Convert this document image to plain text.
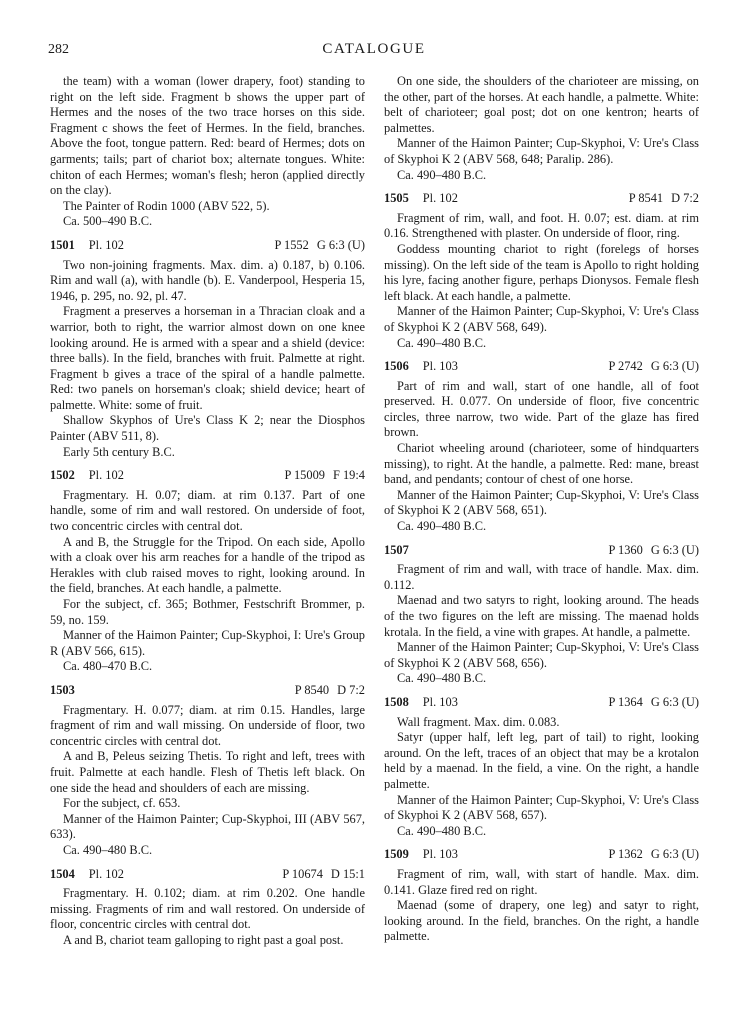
282	CATALOGUE

the team) with a woman (lower drapery, foot) standing to right on the left side. Fragment b shows the upper part of Hermes and the noses of the two trace horses on this side. Fragment c shows the feet of Hermes. In the field, branches. Above the foot, tongue pattern. Red: beard of Hermes; dots on garments; tails; part of chariot box; alternate tongues. White: chiton of each Hermes; woman's flesh; heron (applied directly on the clay).

The Painter of Rodin 1000 (ABV 522, 5).

Ca. 500–490 B.C.

1501 Pl. 102	P 1552 G 6:3 (U)

Two non-joining fragments. Max. dim. a) 0.187, b) 0.106. Rim and wall (a), with handle (b). E. Vanderpool, Hesperia 15, 1946, p. 295, no. 92, pl. 47.

Fragment a preserves a horseman in a Thracian cloak and a warrior, both to right, the warrior almost down on one knee looking around. He is armed with a spear and a shield (device: three balls). In the field, branches with fruit. Palmette at right. Fragment b gives a trace of the spiral of a handle palmette. Red: two panels on horseman's cloak; shield device; heart of palmette. White: some of fruit.

Shallow Skyphos of Ure's Class K 2; near the Diosphos Painter (ABV 511, 8).

Early 5th century B.C.

1502 Pl. 102	P 15009 F 19:4

Fragmentary. H. 0.07; diam. at rim 0.137. Part of one handle, some of rim and wall restored. On underside of foot, two concentric circles with central dot.

A and B, the Struggle for the Tripod. On each side, Apollo with a cloak over his arm reaches for a handle of the tripod as Herakles with club raised moves to right, looking around. In the field, branches. At each handle, a palmette.

For the subject, cf. 365; Bothmer, Festschrift Brommer, p. 59, no. 159.

Manner of the Haimon Painter; Cup-Skyphoi, I: Ure's Group R (ABV 566, 615).

Ca. 480–470 B.C.

1503	P 8540 D 7:2

Fragmentary. H. 0.077; diam. at rim 0.15. Handles, large fragment of rim and wall missing. On underside of floor, two concentric circles with central dot.

A and B, Peleus seizing Thetis. To right and left, trees with fruit. Palmette at each handle. Flesh of Thetis left black. On one side the head and shoulders of each are missing.

For the subject, cf. 653.

Manner of the Haimon Painter; Cup-Skyphoi, III (ABV 567, 633).

Ca. 490–480 B.C.

1504 Pl. 102	P 10674 D 15:1

Fragmentary. H. 0.102; diam. at rim 0.202. One handle missing. Fragments of rim and wall restored. On underside of floor, concentric circles with central dot.

A and B, chariot team galloping to right past a goal post.

On one side, the shoulders of the charioteer are missing, on the other, part of the horses. At each handle, a palmette. White: belt of charioteer; goal post; dot on one kentron; hearts of palmettes.

Manner of the Haimon Painter; Cup-Skyphoi, V: Ure's Class of Skyphoi K 2 (ABV 568, 648; Paralip. 286).

Ca. 490–480 B.C.

1505 Pl. 102	P 8541 D 7:2

Fragment of rim, wall, and foot. H. 0.07; est. diam. at rim 0.16. Strengthened with plaster. On underside of floor, ring.

Goddess mounting chariot to right (forelegs of horses missing). On the left side of the team is Apollo to right holding his lyre, facing another figure, perhaps Dionysos. Female flesh left black. At each handle, a palmette.

Manner of the Haimon Painter; Cup-Skyphoi, V: Ure's Class of Skyphoi K 2 (ABV 568, 649).

Ca. 490–480 B.C.

1506 Pl. 103	P 2742 G 6:3 (U)

Part of rim and wall, start of one handle, all of foot preserved. H. 0.077. On underside of floor, five concentric circles, three narrow, two wide. Part of the glaze has fired brown.

Chariot wheeling around (charioteer, some of hindquarters missing), to right. At the handle, a palmette. Red: mane, breast band, and pendants; contour of chest of one horse.

Manner of the Haimon Painter; Cup-Skyphoi, V: Ure's Class of Skyphoi K 2 (ABV 568, 651).

Ca. 490–480 B.C.

1507	P 1360 G 6:3 (U)

Fragment of rim and wall, with trace of handle. Max. dim. 0.112.

Maenad and two satyrs to right, looking around. The heads of the two figures on the left are missing. The maenad holds krotala. In the field, a vine with grapes. At handle, a palmette.

Manner of the Haimon Painter; Cup-Skyphoi, V: Ure's Class of Skyphoi K 2 (ABV 568, 656).

Ca. 490–480 B.C.

1508 Pl. 103	P 1364 G 6:3 (U)

Wall fragment. Max. dim. 0.083.

Satyr (upper half, left leg, part of tail) to right, looking around. On the left, traces of an object that may be a krotalon held by a maenad. In the field, a vine. On the right, a handle palmette.

Manner of the Haimon Painter; Cup-Skyphoi, V: Ure's Class of Skyphoi K 2 (ABV 568, 657).

Ca. 490–480 B.C.

1509 Pl. 103	P 1362 G 6:3 (U)

Fragment of rim, wall, with start of handle. Max. dim. 0.141. Glaze fired red on right.

Maenad (some of drapery, one leg) and satyr to right, looking around. In the field, branches. On the right, a handle palmette.
